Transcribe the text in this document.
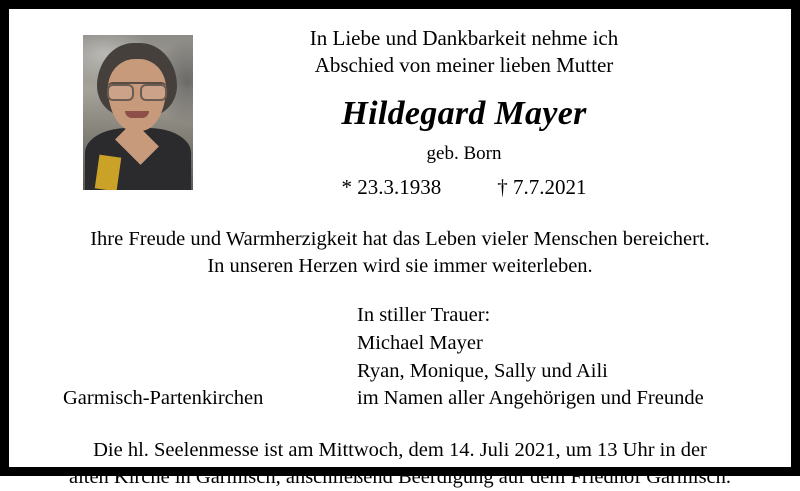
In Liebe und Dankbarkeit nehme ich
Abschied von meiner lieben Mutter
Hildegard Mayer
geb. Born
* 23.3.1938	† 7.7.2021
Ihre Freude und Warmherzigkeit hat das Leben vieler Menschen bereichert.
In unseren Herzen wird sie immer weiterleben.
In stiller Trauer:
Michael Mayer
Ryan, Monique, Sally und Aili
im Namen aller Angehörigen und Freunde
Garmisch-Partenkirchen
Die hl. Seelenmesse ist am Mittwoch, dem 14. Juli 2021, um 13 Uhr in der
alten Kirche in Garmisch, anschließend Beerdigung auf dem Friedhof Garmisch.
